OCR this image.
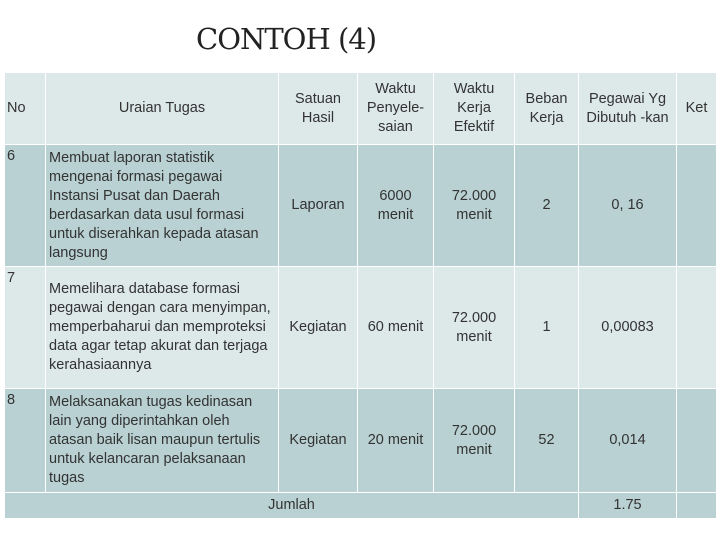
CONTOH (4)
No	Uraian Tugas	Satuan Hasil	Waktu Penyele-saian	Waktu Kerja Efektif	Beban Kerja	Pegawai Yg Dibutuh -kan	Ket
6	Membuat laporan statistik mengenai formasi pegawai Instansi Pusat dan Daerah berdasarkan data usul formasi untuk diserahkan kepada atasan langsung	Laporan	6000 menit	72.000 menit	2	0, 16	
7	Memelihara database formasi pegawai dengan cara menyimpan, memperbaharui dan memproteksi data agar tetap akurat dan terjaga kerahasiaannya	Kegiatan	60 menit	72.000 menit	1	0,00083	
8	Melaksanakan tugas kedinasan lain yang diperintahkan oleh atasan baik lisan maupun tertulis untuk kelancaran pelaksanaan tugas	Kegiatan	20 menit	72.000 menit	52	0,014	
Jumlah						1.75	
